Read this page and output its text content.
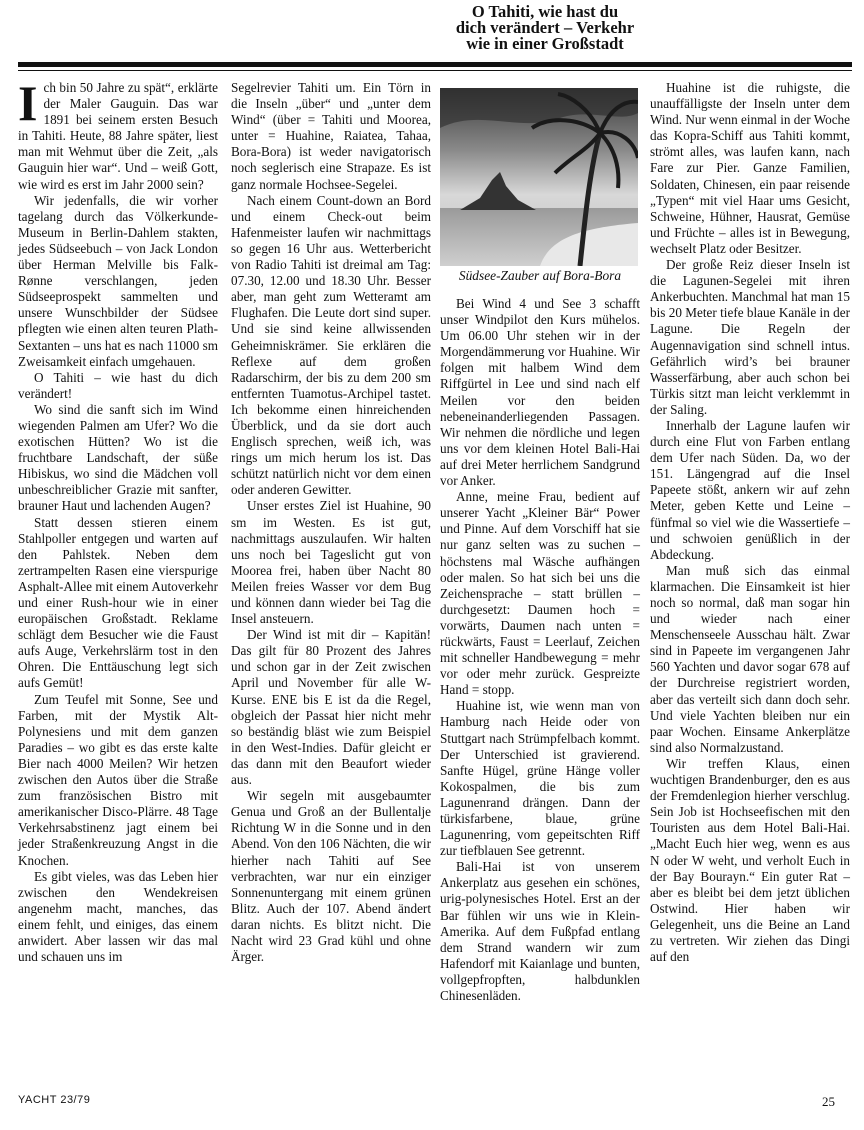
O Tahiti, wie hast du
dich verändert – Verkehr
wie in einer Großstadt

Ich bin 50 Jahre zu spät“, erklärte der Maler Gauguin. Das war 1891 bei seinem ersten Besuch in Tahiti. Heute, 88 Jahre später, liest man mit Wehmut über die Zeit, „als Gauguin hier war“. Und – weiß Gott, wie wird es erst im Jahr 2000 sein?

Wir jedenfalls, die wir vorher tagelang durch das Völkerkunde-Museum in Berlin-Dahlem stakten, jedes Südseebuch – von Jack London über Herman Melville bis Falk-Rønne verschlangen, jeden Südseeprospekt sammelten und unsere Wunschbilder der Südsee pflegten wie einen alten teuren Plath-Sextanten – uns hat es nach 11000 sm Zweisamkeit einfach umgehauen.

O Tahiti – wie hast du dich verändert!

Wo sind die sanft sich im Wind wiegenden Palmen am Ufer? Wo die exotischen Hütten? Wo ist die fruchtbare Landschaft, der süße Hibiskus, wo sind die Mädchen voll unbeschreiblicher Grazie mit sanfter, brauner Haut und lachenden Augen?

Statt dessen stieren einem Stahlpoller entgegen und warten auf den Pahlstek. Neben dem zertrampelten Rasen eine vierspurige Asphalt-Allee mit einem Autoverkehr und einer Rush-hour wie in einer europäischen Großstadt. Reklame schlägt dem Besucher wie die Faust aufs Auge, Verkehrslärm tost in den Ohren. Die Enttäuschung legt sich aufs Gemüt!

Zum Teufel mit Sonne, See und Farben, mit der Mystik Alt-Polynesiens und mit dem ganzen Paradies – wo gibt es das erste kalte Bier nach 4000 Meilen? Wir hetzen zwischen den Autos über die Straße zum französischen Bistro mit amerikanischer Disco-Plärre. 48 Tage Verkehrsabstinenz jagt einem bei jeder Straßenkreuzung Angst in die Knochen.

Es gibt vieles, was das Leben hier zwischen den Wendekreisen angenehm macht, manches, das einem fehlt, und einiges, das einem anwidert. Aber lassen wir das mal und schauen uns im

Segelrevier Tahiti um. Ein Törn in die Inseln „über“ und „unter dem Wind“ (über = Tahiti und Moorea, unter = Huahine, Raiatea, Tahaa, Bora-Bora) ist weder navigatorisch noch seglerisch eine Strapaze. Es ist ganz normale Hochsee-Segelei.

Nach einem Count-down an Bord und einem Check-out beim Hafenmeister laufen wir nachmittags so gegen 16 Uhr aus. Wetterbericht von Radio Tahiti ist dreimal am Tag: 07.30, 12.00 und 18.30 Uhr. Besser aber, man geht zum Wetteramt am Flughafen. Die Leute dort sind super. Und sie sind keine allwissenden Geheimniskrämer. Sie erklären die Reflexe auf dem großen Radarschirm, der bis zu dem 200 sm entfernten Tuamotus-Archipel tastet. Ich bekomme einen hinreichenden Überblick, und da sie dort auch Englisch sprechen, weiß ich, was rings um mich herum los ist. Das schützt natürlich nicht vor dem einen oder anderen Gewitter.

Unser erstes Ziel ist Huahine, 90 sm im Westen. Es ist gut, nachmittags auszulaufen. Wir halten uns noch bei Tageslicht gut von Moorea frei, haben über Nacht 80 Meilen freies Wasser vor dem Bug und können dann wieder bei Tag die Insel ansteuern.

Der Wind ist mit dir – Kapitän! Das gilt für 80 Prozent des Jahres und schon gar in der Zeit zwischen April und November für alle W-Kurse. ENE bis E ist da die Regel, obgleich der Passat hier nicht mehr so beständig bläst wie zum Beispiel in den West-Indies. Dafür gleicht er das dann mit den Beaufort wieder aus.

Wir segeln mit ausgebaumter Genua und Groß an der Bullentalje Richtung W in die Sonne und in den Abend. Von den 106 Nächten, die wir hierher nach Tahiti auf See verbrachten, war nur ein einziger Sonnenuntergang mit einem grünen Blitz. Auch der 107. Abend ändert daran nichts. Es blitzt nicht. Die Nacht wird 23 Grad kühl und ohne Ärger.

Südsee-Zauber auf Bora-Bora

Bei Wind 4 und See 3 schafft unser Windpilot den Kurs mühelos. Um 06.00 Uhr stehen wir in der Morgendämmerung vor Huahine. Wir folgen mit halbem Wind dem Riffgürtel in Lee und sind nach elf Meilen vor den beiden nebeneinanderliegenden Passagen. Wir nehmen die nördliche und legen uns vor dem kleinen Hotel Bali-Hai auf drei Meter herrlichem Sandgrund vor Anker.

Anne, meine Frau, bedient auf unserer Yacht „Kleiner Bär“ Power und Pinne. Auf dem Vorschiff hat sie nur ganz selten was zu suchen – höchstens mal Wäsche aufhängen oder malen. So hat sich bei uns die Zeichensprache – statt brüllen – durchgesetzt: Daumen hoch = vorwärts, Daumen nach unten = rückwärts, Faust = Leerlauf, Zeichen mit schneller Handbewegung = mehr vor oder mehr zurück. Gespreizte Hand = stopp.

Huahine ist, wie wenn man von Hamburg nach Heide oder von Stuttgart nach Strümpfelbach kommt. Der Unterschied ist gravierend. Sanfte Hügel, grüne Hänge voller Kokospalmen, die bis zum Lagunenrand drängen. Dann der türkisfarbene, blaue, grüne Lagunenring, vom gepeitschten Riff zur tiefblauen See getrennt.

Bali-Hai ist von unserem Ankerplatz aus gesehen ein schönes, urig-polynesisches Hotel. Erst an der Bar fühlen wir uns wie in Klein-Amerika. Auf dem Fußpfad entlang dem Strand wandern wir zum Hafendorf mit Kaianlage und bunten, vollgepfropften, halbdunklen Chinesenläden.

Huahine ist die ruhigste, die unauffälligste der Inseln unter dem Wind. Nur wenn einmal in der Woche das Kopra-Schiff aus Tahiti kommt, strömt alles, was laufen kann, nach Fare zur Pier. Ganze Familien, Soldaten, Chinesen, ein paar reisende „Typen“ mit viel Haar ums Gesicht, Schweine, Hühner, Hausrat, Gemüse und Früchte – alles ist in Bewegung, wechselt Platz oder Besitzer.

Der große Reiz dieser Inseln ist die Lagunen-Segelei mit ihren Ankerbuchten. Manchmal hat man 15 bis 20 Meter tiefe blaue Kanäle in der Lagune. Die Regeln der Augennavigation sind schnell intus. Gefährlich wird’s bei brauner Wasserfärbung, aber auch schon bei Türkis sitzt man leicht verklemmt in der Saling.

Innerhalb der Lagune laufen wir durch eine Flut von Farben entlang dem Ufer nach Süden. Da, wo der 151. Längengrad auf die Insel Papeete stößt, ankern wir auf zehn Meter, geben Kette und Leine – fünfmal so viel wie die Wassertiefe – und schwoien genüßlich in der Abdeckung.

Man muß sich das einmal klarmachen. Die Einsamkeit ist hier noch so normal, daß man sogar hin und wieder nach einer Menschenseele Ausschau hält. Zwar sind in Papeete im vergangenen Jahr 560 Yachten und davor sogar 678 auf der Durchreise registriert worden, aber das verteilt sich dann doch sehr. Und viele Yachten bleiben nur ein paar Wochen. Einsame Ankerplätze sind also Normalzustand.

Wir treffen Klaus, einen wuchtigen Brandenburger, den es aus der Fremdenlegion hierher verschlug. Sein Job ist Hochseefischen mit den Touristen aus dem Hotel Bali-Hai. „Macht Euch hier weg, wenn es aus N oder W weht, und verholt Euch in der Bay Bourayn.“ Ein guter Rat – aber es bleibt bei dem jetzt üblichen Ostwind. Hier haben wir Gelegenheit, uns die Beine an Land zu vertreten. Wir ziehen das Dingi auf den

YACHT 23/79	25
